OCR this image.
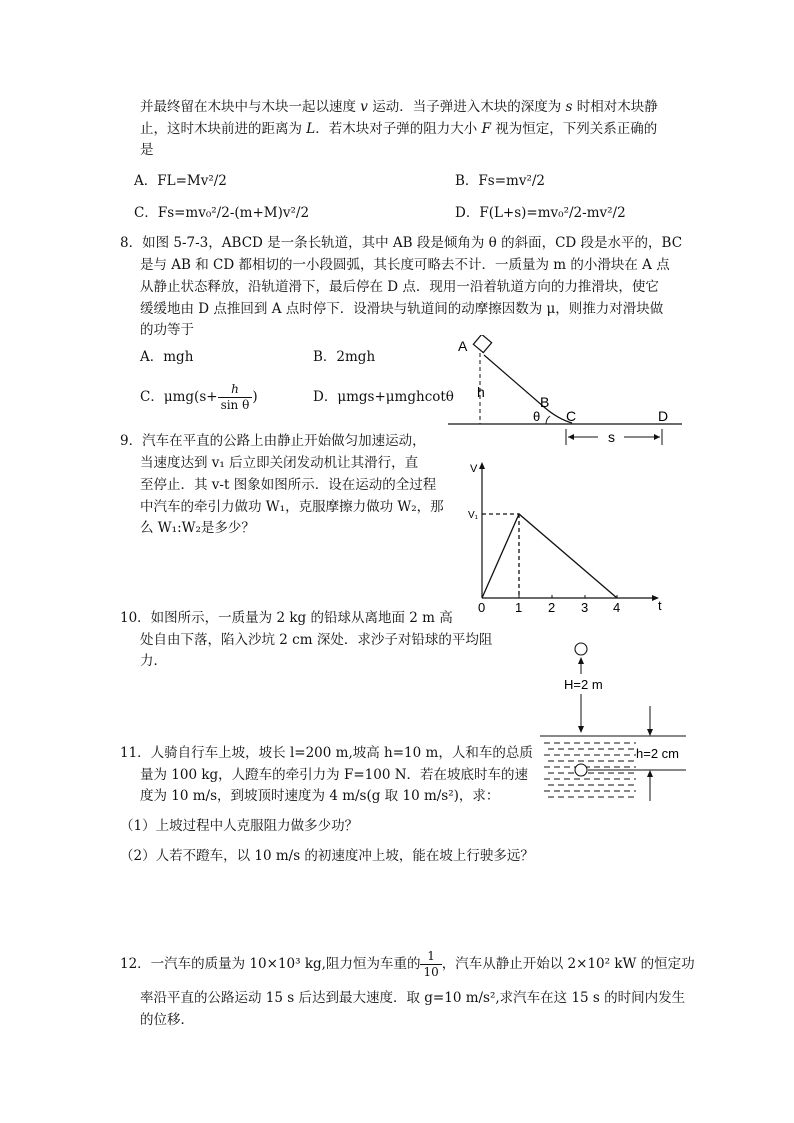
并最终留在木块中与木块一起以速度 v 运动．当子弹进入木块的深度为 s 时相对木块静
止，这时木块前进的距离为 L．若木块对子弹的阻力大小 F 视为恒定，下列关系正确的
是
A．FL=Mv²/2	B．Fs=mv²/2
C．Fs=mv₀²/2-(m+M)v²/2	D．F(L+s)=mv₀²/2-mv²/2
8．如图 5-7-3，ABCD 是一条长轨道，其中 AB 段是倾角为 θ 的斜面，CD 段是水平的，BC
是与 AB 和 CD 都相切的一小段圆弧，其长度可略去不计．一质量为 m 的小滑块在 A 点
从静止状态释放，沿轨道滑下，最后停在 D 点．现用一沿着轨道方向的力推滑块，使它
缓缓地由 D 点推回到 A 点时停下．设滑块与轨道间的动摩擦因数为 μ，则推力对滑块做
的功等于
A．mgh	B．2mgh
C．$\mu mg(s+ \frac{h}{\text{sin θ}}$ )	D．μmgs+μmghcotθ
A
B
C	D
h
θ
s
9．汽车在平直的公路上由静止开始做匀加速运动，
当速度达到 v₁ 后立即关闭发动机让其滑行，直
至停止．其 v-t 图象如图所示．设在运动的全过程
中汽车的牵引力做功 W₁，克服摩擦力做功 W₂，那
么 W₁:W₂是多少？
V
V₁
t
0 1 2 3 4
10．如图所示，一质量为 2 kg 的铅球从离地面 2 m 高
处自由下落，陷入沙坑 2 cm 深处．求沙子对铅球的平均阻
力．
H=2 m
h=2 cm
11．人骑自行车上坡，坡长 l=200 m,坡高 h=10 m，人和车的总质
量为 100 kg，人蹬车的牵引力为 F=100 N．若在坡底时车的速
度为 10 m/s，到坡顶时速度为 4 m/s(g 取 10 m/s²)，求：
（1）上坡过程中人克服阻力做多少功？
（2）人若不蹬车，以 10 m/s 的初速度冲上坡，能在坡上行驶多远？
12．一汽车的质量为 10×10³ kg,阻力恒为车重的 $\frac{1}{10}$ ，汽车从静止开始以 2×10² kW 的恒定功
率沿平直的公路运动 15 s 后达到最大速度．取 g=10 m/s²,求汽车在这 15 s 的时间内发生
的位移．
